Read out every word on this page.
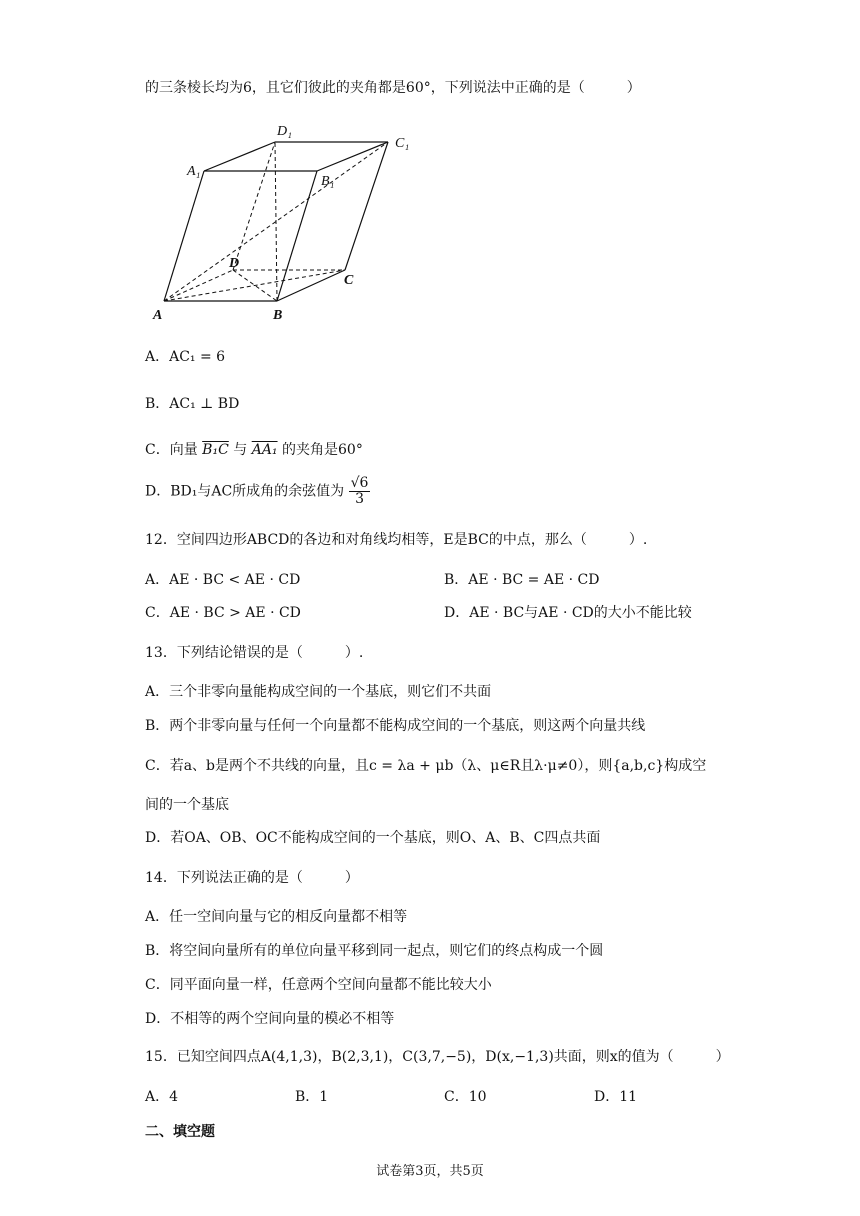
的三条棱长均为6，且它们彼此的夹角都是60°，下列说法中正确的是（　　　）
D₁
C₁
A₁
B₁
D
C
A	B
A．AC₁ = 6
B．AC₁ ⊥ BD
C．向量 B₁C 与 AA₁ 的夹角是60°
D．BD₁与AC所成角的余弦值为 $\frac{√6}{3}$
12．空间四边形ABCD的各边和对角线均相等，E是BC的中点，那么（　　　）.
A．AE · BC < AE · CD	B．AE · BC = AE · CD
C．AE · BC > AE · CD	D．AE · BC与AE · CD的大小不能比较
13．下列结论错误的是（　　　）.
A．三个非零向量能构成空间的一个基底，则它们不共面
B．两个非零向量与任何一个向量都不能构成空间的一个基底，则这两个向量共线
C．若a、b是两个不共线的向量，且c = λa + μb（λ、μ∈R且λ·μ≠0），则{a,b,c}构成空
间的一个基底
D．若OA、OB、OC不能构成空间的一个基底，则O、A、B、C四点共面
14．下列说法正确的是（　　　）
A．任一空间向量与它的相反向量都不相等
B．将空间向量所有的单位向量平移到同一起点，则它们的终点构成一个圆
C．同平面向量一样，任意两个空间向量都不能比较大小
D．不相等的两个空间向量的模必不相等
15．已知空间四点A(4,1,3)，B(2,3,1)，C(3,7,−5)，D(x,−1,3)共面，则x的值为（　　　）
A．4	B．1	C．10	D．11
二、填空题
试卷第3页，共5页
